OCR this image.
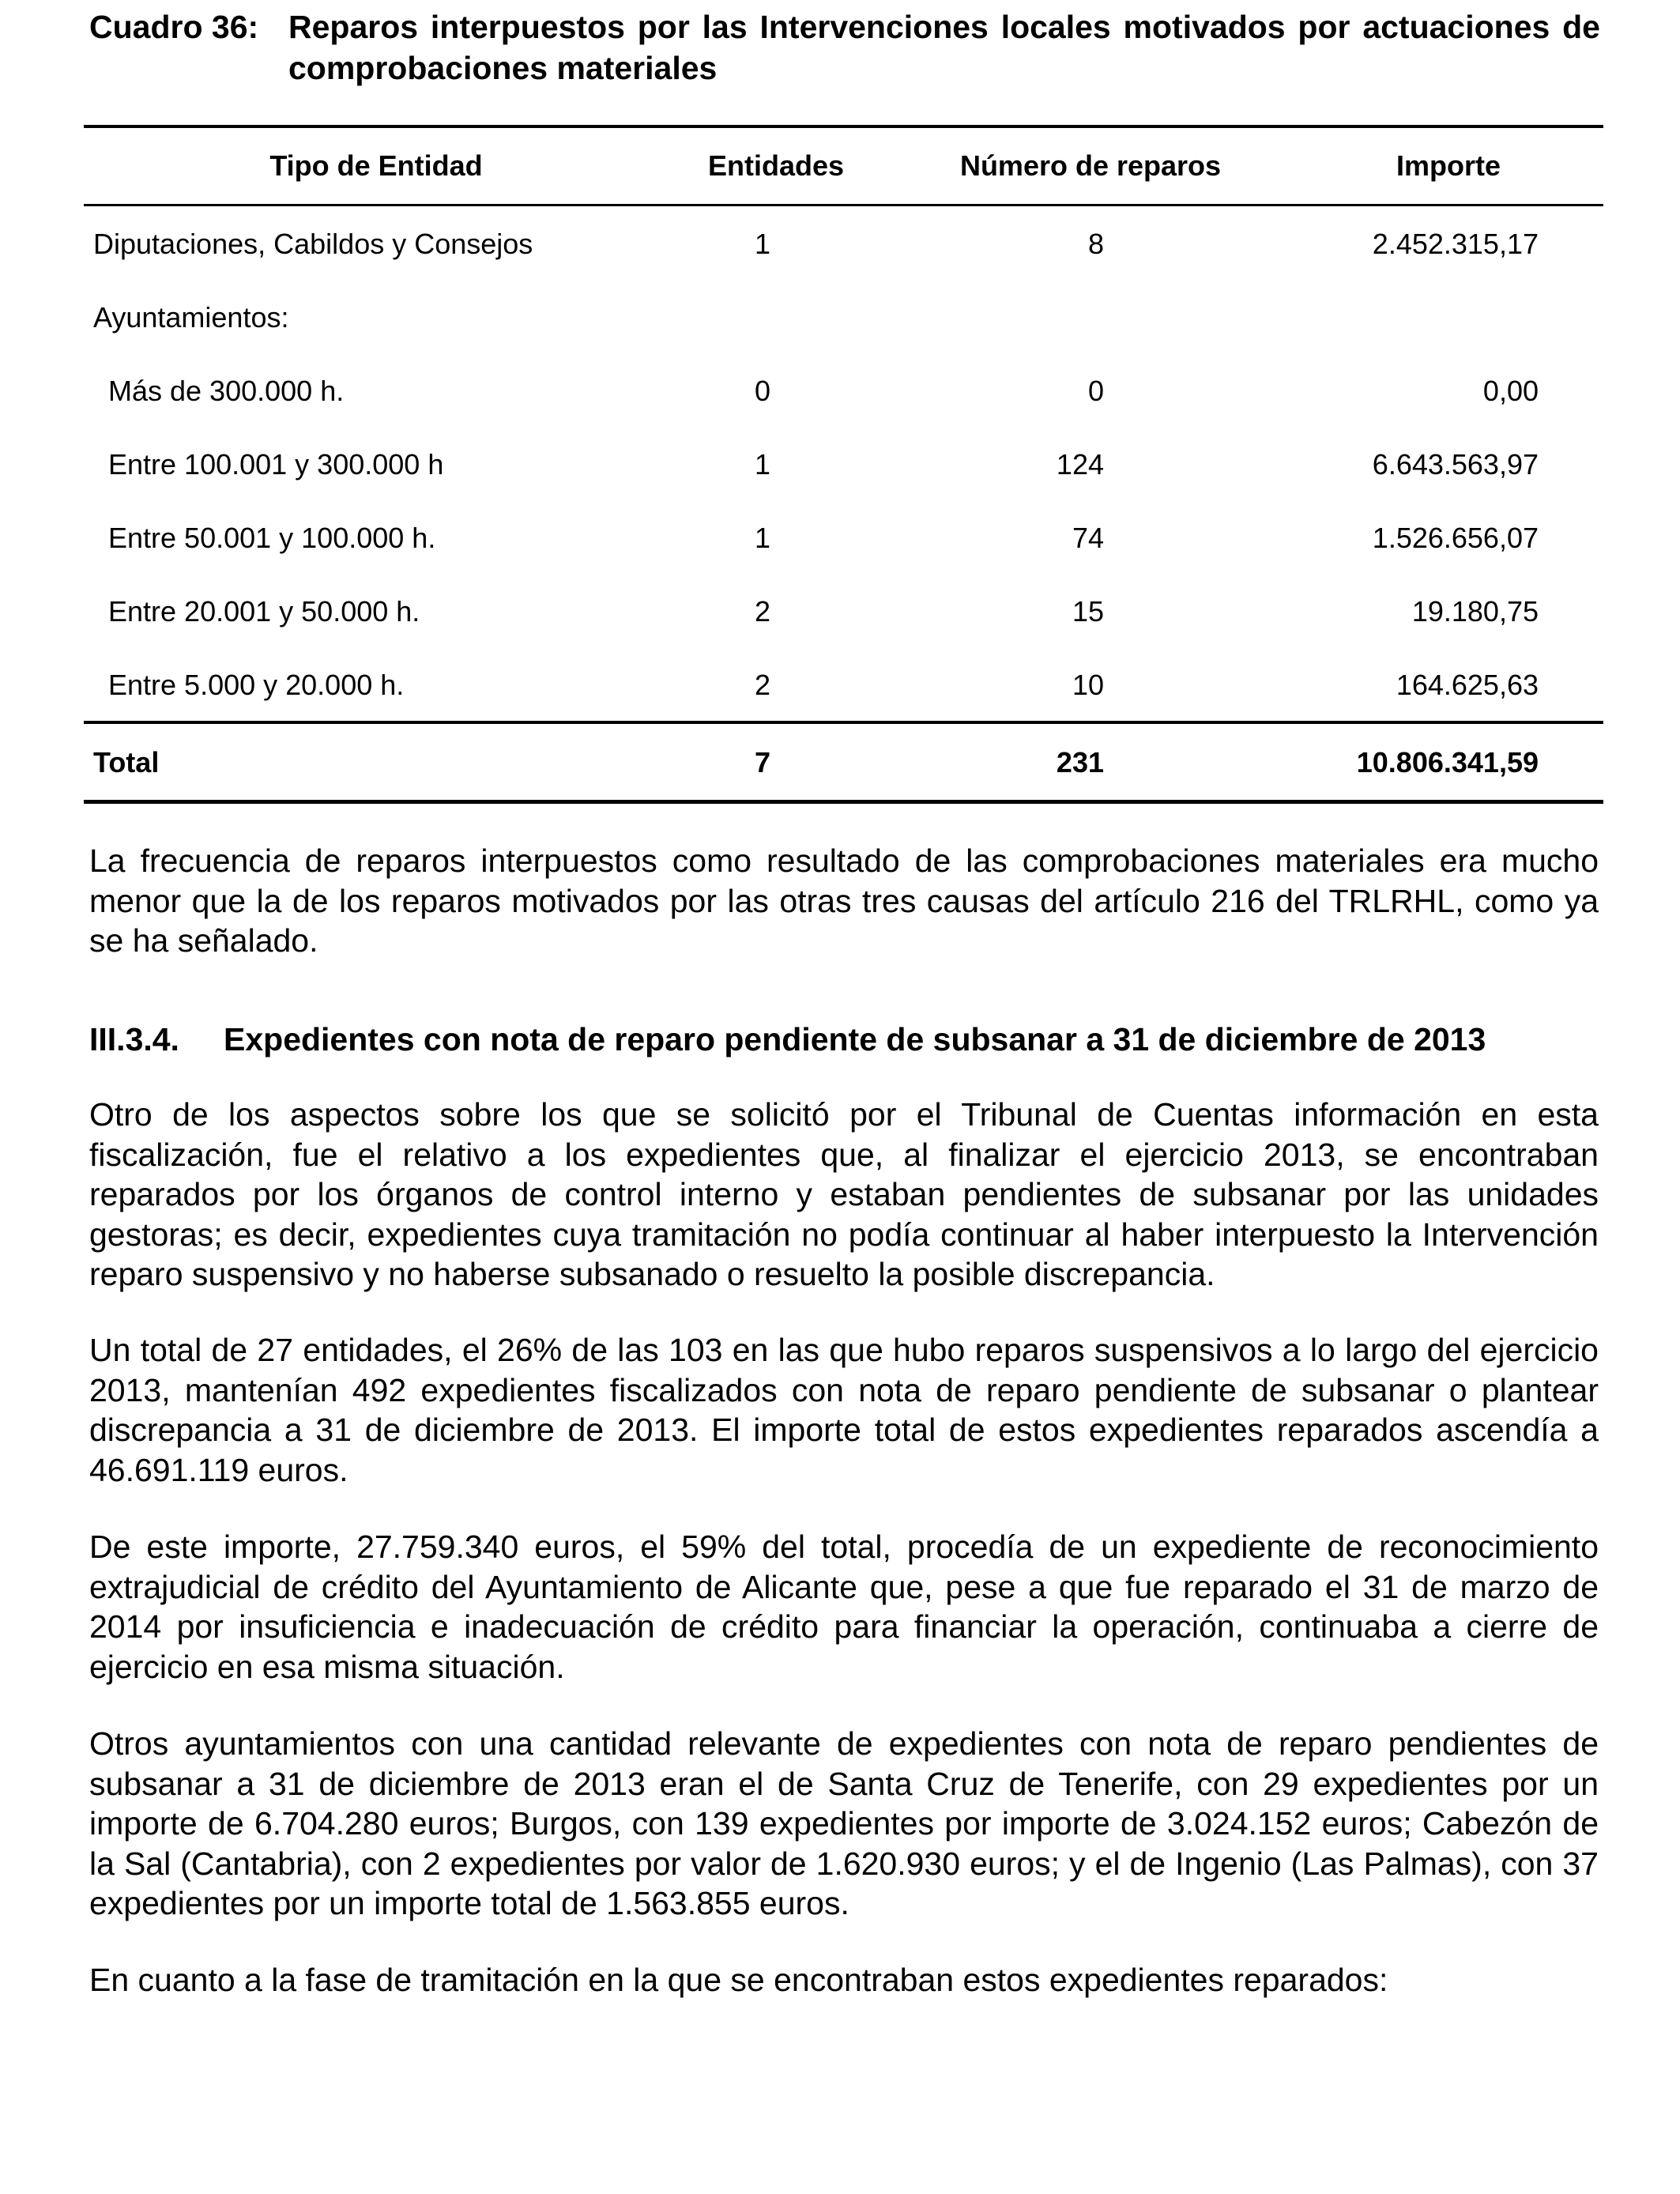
Cuadro 36: Reparos interpuestos por las Intervenciones locales motivados por actuaciones de comprobaciones materiales
Tipo de Entidad	Entidades	Número de reparos	Importe
Diputaciones, Cabildos y Consejos	1	8	2.452.315,17
Ayuntamientos:
Más de 300.000 h.	0	0	0,00
Entre 100.001 y 300.000 h	1	124	6.643.563,97
Entre 50.001 y 100.000 h.	1	74	1.526.656,07
Entre 20.001 y 50.000 h.	2	15	19.180,75
Entre 5.000 y 20.000 h.	2	10	164.625,63
Total	7	231	10.806.341,59
La frecuencia de reparos interpuestos como resultado de las comprobaciones materiales era mucho menor que la de los reparos motivados por las otras tres causas del artículo 216 del TRLRHL, como ya se ha señalado.
III.3.4. Expedientes con nota de reparo pendiente de subsanar a 31 de diciembre de 2013
Otro de los aspectos sobre los que se solicitó por el Tribunal de Cuentas información en esta fiscalización, fue el relativo a los expedientes que, al finalizar el ejercicio 2013, se encontraban reparados por los órganos de control interno y estaban pendientes de subsanar por las unidades gestoras; es decir, expedientes cuya tramitación no podía continuar al haber interpuesto la Intervención reparo suspensivo y no haberse subsanado o resuelto la posible discrepancia.
Un total de 27 entidades, el 26% de las 103 en las que hubo reparos suspensivos a lo largo del ejercicio 2013, mantenían 492 expedientes fiscalizados con nota de reparo pendiente de subsanar o plantear discrepancia a 31 de diciembre de 2013. El importe total de estos expedientes reparados ascendía a 46.691.119 euros.
De este importe, 27.759.340 euros, el 59% del total, procedía de un expediente de reconocimiento extrajudicial de crédito del Ayuntamiento de Alicante que, pese a que fue reparado el 31 de marzo de 2014 por insuficiencia e inadecuación de crédito para financiar la operación, continuaba a cierre de ejercicio en esa misma situación.
Otros ayuntamientos con una cantidad relevante de expedientes con nota de reparo pendientes de subsanar a 31 de diciembre de 2013 eran el de Santa Cruz de Tenerife, con 29 expedientes por un importe de 6.704.280 euros; Burgos, con 139 expedientes por importe de 3.024.152 euros; Cabezón de la Sal (Cantabria), con 2 expedientes por valor de 1.620.930 euros; y el de Ingenio (Las Palmas), con 37 expedientes por un importe total de 1.563.855 euros.
En cuanto a la fase de tramitación en la que se encontraban estos expedientes reparados:
